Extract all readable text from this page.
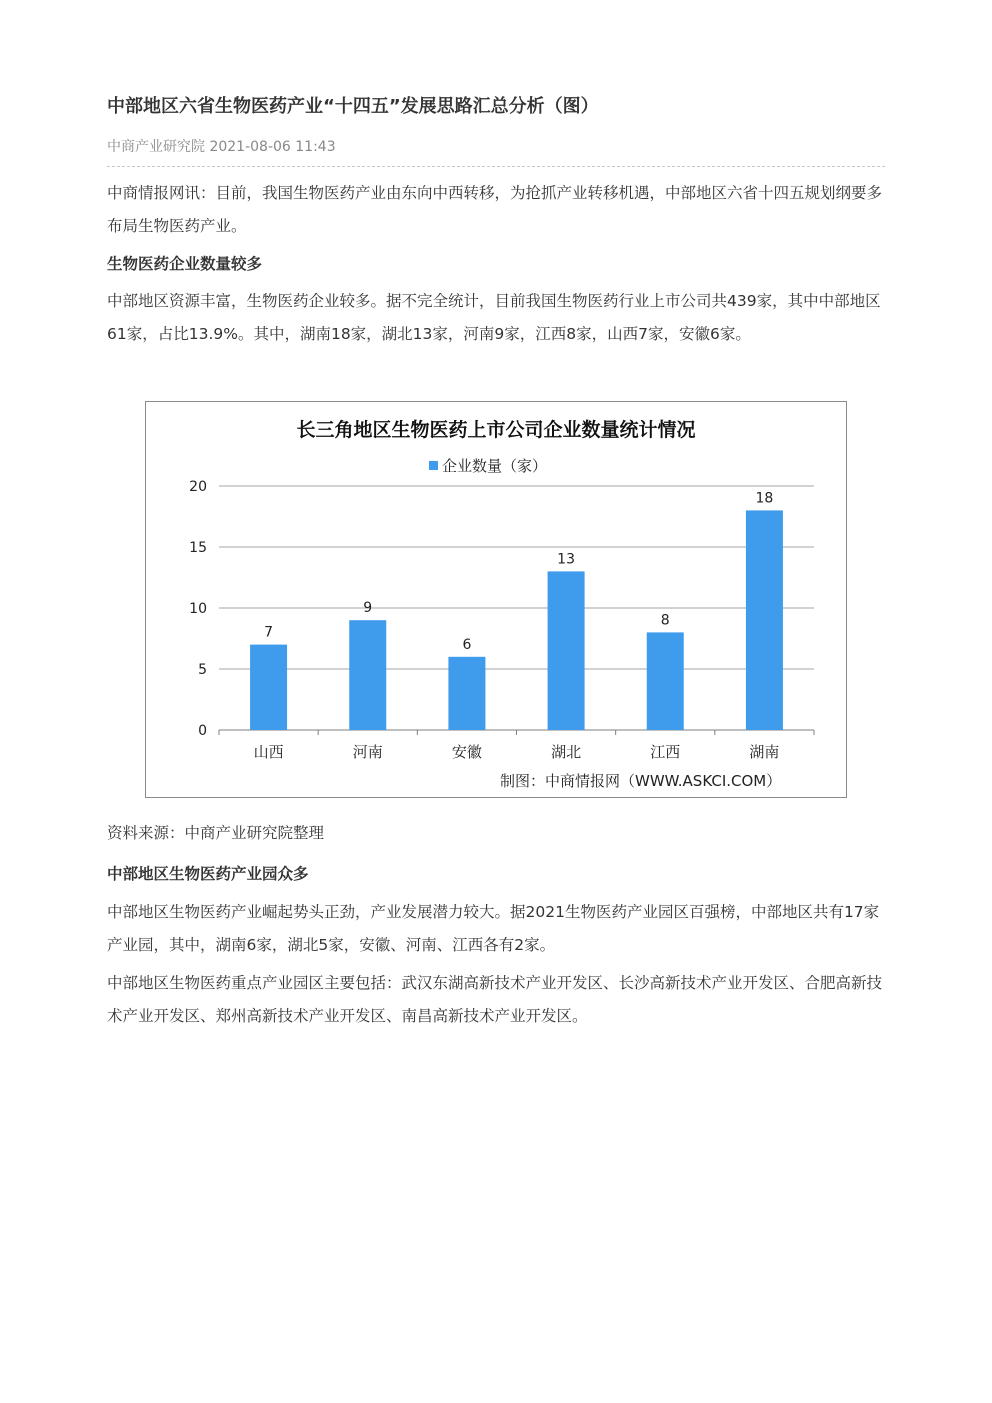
中部地区六省生物医药产业“十四五”发展思路汇总分析（图）
中商产业研究院 2021-08-06 11:43

中商情报网讯：目前，我国生物医药产业由东向中西转移，为抢抓产业转移机遇，中部地区六省十四五规划纲要多布局生物医药产业。

生物医药企业数量较多

中部地区资源丰富，生物医药企业较多。据不完全统计，目前我国生物医药行业上市公司共439家，其中中部地区61家，占比13.9%。其中，湖南18家，湖北13家，河南9家，江西8家，山西7家，安徽6家。

资料来源：中商产业研究院整理

中部地区生物医药产业园众多

中部地区生物医药产业崛起势头正劲，产业发展潜力较大。据2021生物医药产业园区百强榜，中部地区共有17家产业园，其中，湖南6家，湖北5家，安徽、河南、江西各有2家。

中部地区生物医药重点产业园区主要包括：武汉东湖高新技术产业开发区、长沙高新技术产业开发区、合肥高新技术产业开发区、郑州高新技术产业开发区、南昌高新技术产业开发区。

长三角地区生物医药上市公司企业数量统计情况
企业数量（家）
0
5
10
15
20
7
山西
9
河南
6
安徽
13
湖北
8
江西
18
湖南
制图：中商情报网（WWW.ASKCI.COM）
